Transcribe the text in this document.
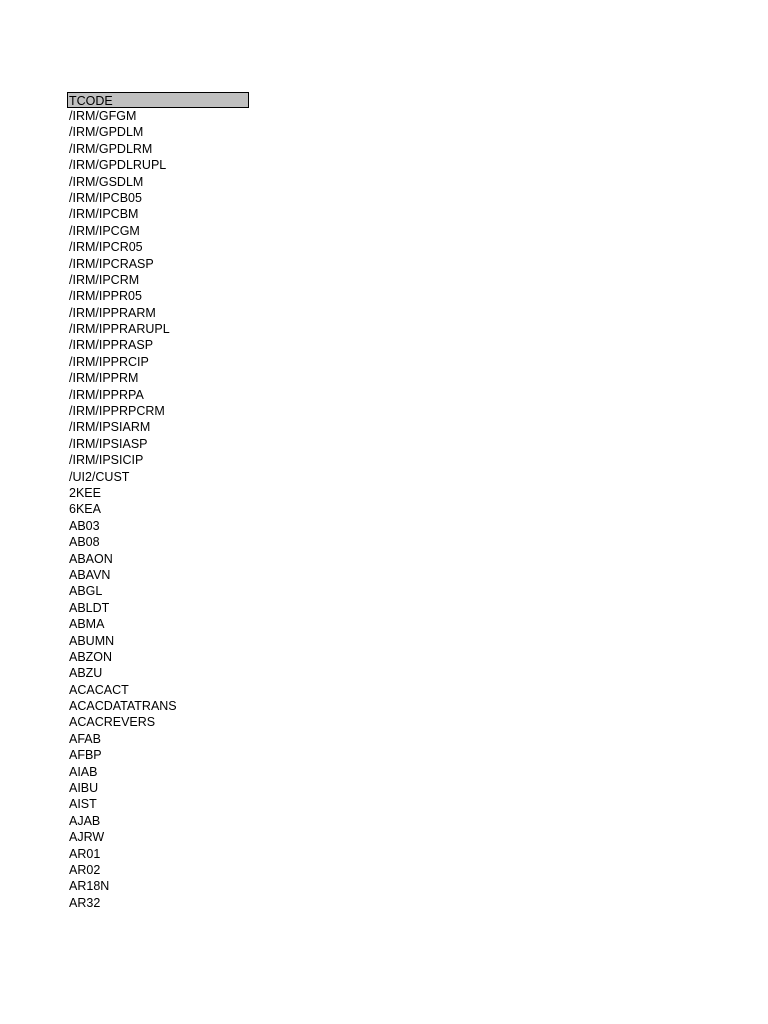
TCODE
/IRM/GFGM
/IRM/GPDLM
/IRM/GPDLRM
/IRM/GPDLRUPL
/IRM/GSDLM
/IRM/IPCB05
/IRM/IPCBM
/IRM/IPCGM
/IRM/IPCR05
/IRM/IPCRASP
/IRM/IPCRM
/IRM/IPPR05
/IRM/IPPRARM
/IRM/IPPRARUPL
/IRM/IPPRASP
/IRM/IPPRCIP
/IRM/IPPRM
/IRM/IPPRPA
/IRM/IPPRPCRM
/IRM/IPSIARM
/IRM/IPSIASP
/IRM/IPSICIP
/UI2/CUST
2KEE
6KEA
AB03
AB08
ABAON
ABAVN
ABGL
ABLDT
ABMA
ABUMN
ABZON
ABZU
ACACACT
ACACDATATRANS
ACACREVERS
AFAB
AFBP
AIAB
AIBU
AIST
AJAB
AJRW
AR01
AR02
AR18N
AR32
